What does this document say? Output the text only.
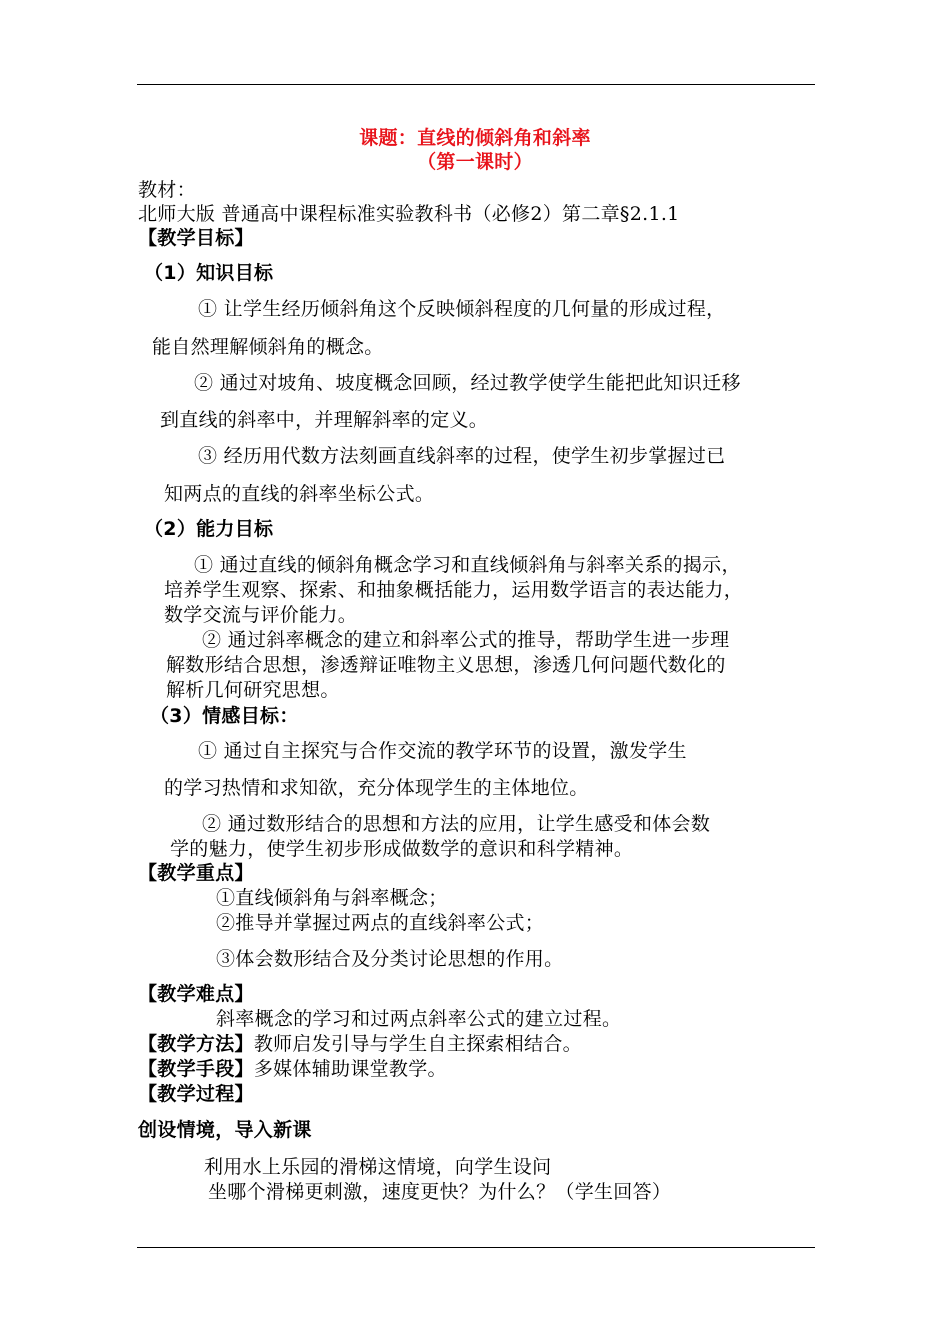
课题：直线的倾斜角和斜率
（第一课时）
教材：
北师大版 普通高中课程标准实验教科书（必修2）第二章§2.1.1
【教学目标】
（1）知识目标
① 让学生经历倾斜角这个反映倾斜程度的几何量的形成过程，
能自然理解倾斜角的概念。
② 通过对坡角、坡度概念回顾，经过教学使学生能把此知识迁移
到直线的斜率中，并理解斜率的定义。
③ 经历用代数方法刻画直线斜率的过程，使学生初步掌握过已
知两点的直线的斜率坐标公式。
（2）能力目标
① 通过直线的倾斜角概念学习和直线倾斜角与斜率关系的揭示，
培养学生观察、探索、和抽象概括能力，运用数学语言的表达能力，
数学交流与评价能力。
② 通过斜率概念的建立和斜率公式的推导，帮助学生进一步理
解数形结合思想，渗透辩证唯物主义思想，渗透几何问题代数化的
解析几何研究思想。
（3）情感目标：
① 通过自主探究与合作交流的教学环节的设置，激发学生
的学习热情和求知欲，充分体现学生的主体地位。
② 通过数形结合的思想和方法的应用，让学生感受和体会数
学的魅力，使学生初步形成做数学的意识和科学精神。
【教学重点】
①直线倾斜角与斜率概念；
②推导并掌握过两点的直线斜率公式；
③体会数形结合及分类讨论思想的作用。
【教学难点】
斜率概念的学习和过两点斜率公式的建立过程。
【教学方法】教师启发引导与学生自主探索相结合。
【教学手段】多媒体辅助课堂教学。
【教学过程】
创设情境，导入新课
利用水上乐园的滑梯这情境，向学生设问
坐哪个滑梯更刺激，速度更快？为什么？（学生回答）
